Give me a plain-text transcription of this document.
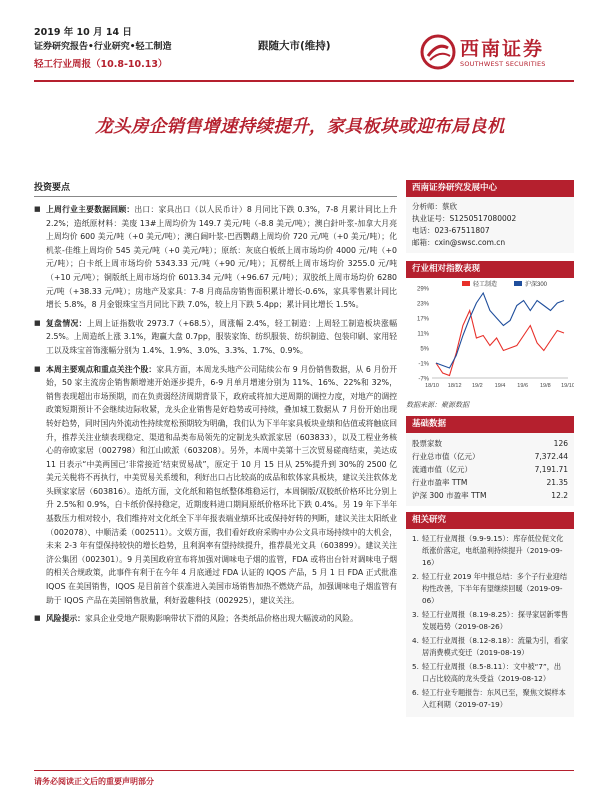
2019 年 10 月 14 日
证券研究报告•行业研究•轻工制造
轻工行业周报（10.8-10.13）
跟随大市(维持)	西南证券
SOUTHWEST SECURITIES
龙头房企销售增速持续提升，家具板块或迎布局良机
投资要点
■ 上周行业主要数据回顾：出口：家具出口（以人民币计）8 月同比下跌 0.3%，7-8 月累计同比上升 2.2%；造纸原材料：美废 13#上周均价为 149.7 美元/吨（-8.8 美元/吨）；澳白針叶浆-加拿大月亮上周均价 600 美元/吨（+0 美元/吨）；澳白阔叶浆-巴西鹦鹉上周均价 720 元/吨（+0 美元/吨）；化机浆-佳维上周均价 545 美元/吨（+0 美元/吨）；原纸：灰底白板纸上周市场均价 4000 元/吨（+0 元/吨）；白卡纸上周市场均价 5343.33 元/吨（+90 元/吨）；瓦楞纸上周市场均价 3255.0 元/吨（+10 元/吨）；铜版纸上周市场均价 6013.34 元/吨（+96.67 元/吨）；双胶纸上周市场均价 6280 元/吨（+38.33 元/吨）；房地产及家具：7-8 月商品房销售面积累计增长-0.6%，家具零售累计同比增长 5.8%，8 月金银珠宝当月同比下跌 7.0%，较上月下跌 5.4pp；累计同比增长 1.5%。
■ 复盘情况：上周上证指数收 2973.7（+68.5），周涨幅 2.4%，轻工制造：上周轻工制造板块涨幅 2.5%。上周造纸上涨 3.1%，跑赢大盘 0.7pp，服装家饰、纺织服装、纺织制造、包装印刷、家用轻工以及珠宝首饰涨幅分别为 1.4%、1.9%、3.0%、3.3%、1.7%、0.9%。
■ 本周主要观点和重点关注个股：家具方面，本周龙头地产公司陆续公布 9 月份销售数据，从 6 月份开始，50 家主流房企销售额增速开始逐步提升，6-9 月单月增速分别为 11%、16%、22%和 32%，销售表现超出市场预期，而在负责弱经济周期背景下，政府或将加大逆周期的调控力度，对地产的调控政策短期预计不会继续边际收紧，龙头企业销售是好趋势或可持续，叠加城工数据从 7 月份开始出现转好趋势，同时国内外流动性持续宽松预期较为明确，我们认为下半年家具板块业绩和估值或将触底回升，推荐关注业绩表现稳定、渠道和品类布局领先的定制龙头欧派家居（603833），以及工程业务核心的帝欧家居（002798）和江山欧派（603208）。另外，本周中美第十三次贸易磋商结束，美达成 11 日表示“中美两国已‘非常接近’结束贸易战”，原定于 10 月 15 日从 25%提升到 30%的 2500 亿美元关税将不再执行，中美贸易关系缓和，利好出口占比较高的成品和软体家具板块，建议关注软体龙头顾家家居（603816）。造纸方面，文化纸和箱包纸整体维稳运行，本周铜版/双胶纸价格环比分别上升 2.5%和 0.9%，白卡纸价保持稳定，近期废料进口期间原纸价格环比下跌 0.4%。另 19 年下半年基数压力相对较小，我们维持对文化纸全下半年报表端业绩环比或保持好转的判断，建议关注太阳纸业（002078）、中顺洁柔（002511）。文娱方面，我们看好政府采购中办公文具市场持续中的大机会，未来 2-3 年有望保持较快的增长趋势，且利润率有望持续提升，推荐晨光文具（603899）。建议关注济公集团（002301）。9 月美国政府宣布将加强对调味电子烟的监管，FDA 或将出台针对调味电子烟的相关合规政策，此事件有利于在今年 4 月底通过 FDA 认证的 IQOS 产品，5 月 1 日 FDA 正式批准 IQOS 在美国销售，IQOS 是目前首个获准进入美国市场销售加热不燃烧产品，加强调味电子烟监管有助于 IQOS 产品在美国销售放量，利好盈趣科技（002925），建议关注。
■ 风险提示：家具企业受地产限购影响带状下滑的风险；各类纸品价格出现大幅波动的风险。
西南证券研究发展中心
分析师：蔡欣
执业证号：S1250517080002
电话：023-67511807
邮箱：cxin@swsc.com.cn
行业相对指数表现
29%
23%
17%
11%
5%
-1%
-7%
18/10 18/12 19/2 19/4 19/6 19/8 19/10
轻工制造	沪深300
数据来源：聚源数据
基础数据
股票家数	126
行业总市值（亿元）	7,372.44
流通市值（亿元）	7,191.71
行业市盈率 TTM	21.35
沪深 300 市盈率 TTM	12.2
相关研究
1. 轻工行业周报（9.9-9.15）：库存低位促文化纸涨价落定，电纸盈利持续提升（2019-09-16）
2. 轻工行业 2019 年中报总结：多个子行业迎结构性改善，下半年有望继续回暖（2019-09-06）
3. 轻工行业周报（8.19-8.25）：探寻家居新零售发展趋势（2019-08-26）
4. 轻工行业周报（8.12-8.18）：流量为引，看家居消费模式变迁（2019-08-19）
5. 轻工行业周报（8.5-8.11）：文中被“7”，出口占比较高的龙头受益（2019-08-12）
6. 轻工行业专题报告：东风已至，聚焦文娱样本入红利期（2019-07-19）
请务必阅读正文后的重要声明部分
